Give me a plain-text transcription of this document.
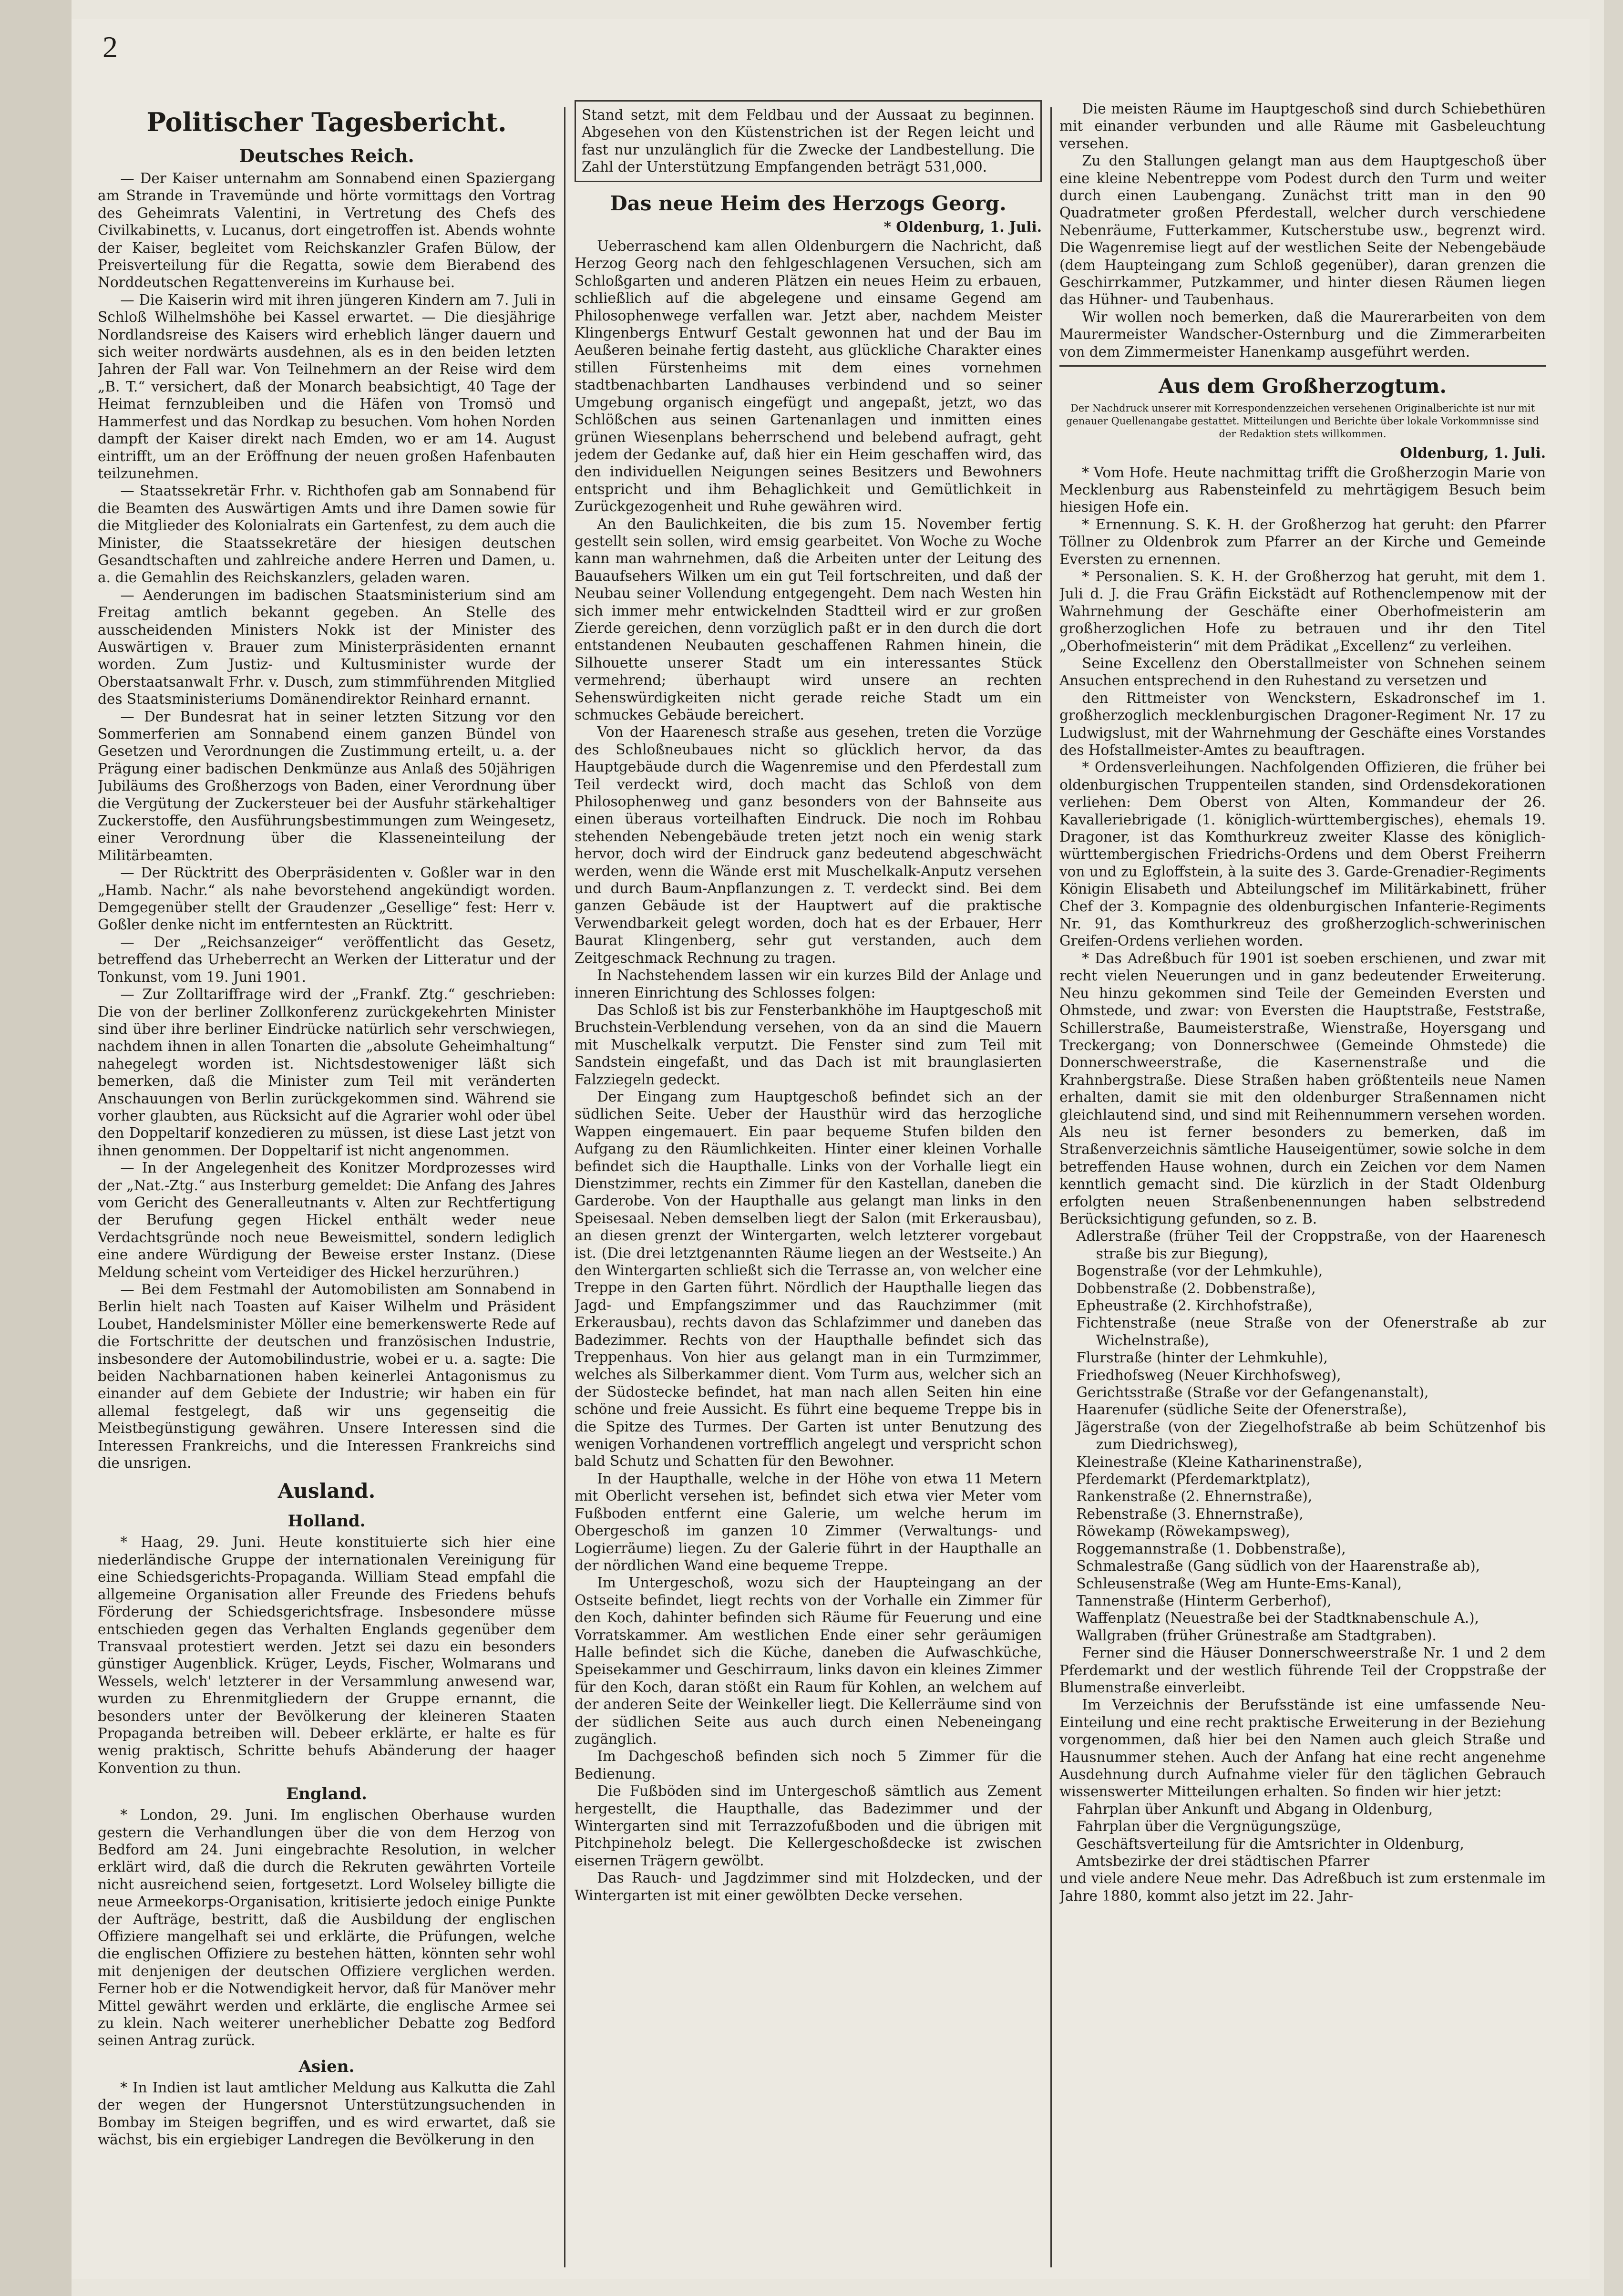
2
Politischer Tagesbericht.
Deutsches Reich.

— Der Kaiser unternahm am Sonnabend einen Spaziergang am Strande in Travemünde und hörte vormittags den Vortrag des Geheimrats Valentini, in Vertretung des Chefs des Civilkabinetts, v. Lucanus, dort eingetroffen ist. Abends wohnte der Kaiser, begleitet vom Reichskanzler Grafen Bülow, der Preisverteilung für die Regatta, sowie dem Bierabend des Norddeutschen Regattenvereins im Kurhause bei.

— Die Kaiserin wird mit ihren jüngeren Kindern am 7. Juli in Schloß Wilhelmshöhe bei Kassel erwartet. — Die diesjährige Nordlandsreise des Kaisers wird erheblich länger dauern und sich weiter nordwärts ausdehnen, als es in den beiden letzten Jahren der Fall war. Von Teilnehmern an der Reise wird dem „B. T.“ versichert, daß der Monarch beabsichtigt, 40 Tage der Heimat fernzubleiben und die Häfen von Tromsö und Hammerfest und das Nordkap zu besuchen. Vom hohen Norden dampft der Kaiser direkt nach Emden, wo er am 14. August eintrifft, um an der Eröffnung der neuen großen Hafenbauten teilzunehmen.

— Staatssekretär Frhr. v. Richthofen gab am Sonnabend für die Beamten des Auswärtigen Amts und ihre Damen sowie für die Mitglieder des Kolonialrats ein Gartenfest, zu dem auch die Minister, die Staatssekretäre der hiesigen deutschen Gesandtschaften und zahlreiche andere Herren und Damen, u. a. die Gemahlin des Reichskanzlers, geladen waren.

— Aenderungen im badischen Staatsministerium sind am Freitag amtlich bekannt gegeben. An Stelle des ausscheidenden Ministers Nokk ist der Minister des Auswärtigen v. Brauer zum Ministerpräsidenten ernannt worden. Zum Justiz- und Kultusminister wurde der Oberstaatsanwalt Frhr. v. Dusch, zum stimmführenden Mitglied des Staatsministeriums Domänendirektor Reinhard ernannt.

— Der Bundesrat hat in seiner letzten Sitzung vor den Sommerferien am Sonnabend einem ganzen Bündel von Gesetzen und Verordnungen die Zustimmung erteilt, u. a. der Prägung einer badischen Denkmünze aus Anlaß des 50jährigen Jubiläums des Großherzogs von Baden, einer Verordnung über die Vergütung der Zuckersteuer bei der Ausfuhr stärkehaltiger Zuckerstoffe, den Ausführungsbestimmungen zum Weingesetz, einer Verordnung über die Klasseneinteilung der Militärbeamten.

— Der Rücktritt des Oberpräsidenten v. Goßler war in den „Hamb. Nachr.“ als nahe bevorstehend angekündigt worden. Demgegenüber stellt der Graudenzer „Gesellige“ fest: Herr v. Goßler denke nicht im entferntesten an Rücktritt.

— Der „Reichsanzeiger“ veröffentlicht das Gesetz, betreffend das Urheberrecht an Werken der Litteratur und der Tonkunst, vom 19. Juni 1901.

— Zur Zolltariffrage wird der „Frankf. Ztg.“ geschrieben: Die von der berliner Zollkonferenz zurückgekehrten Minister sind über ihre berliner Eindrücke natürlich sehr verschwiegen, nachdem ihnen in allen Tonarten die „absolute Geheimhaltung“ nahegelegt worden ist. Nichtsdestoweniger läßt sich bemerken, daß die Minister zum Teil mit veränderten Anschauungen von Berlin zurückgekommen sind. Während sie vorher glaubten, aus Rücksicht auf die Agrarier wohl oder übel den Doppeltarif konzedieren zu müssen, ist diese Last jetzt von ihnen genommen. Der Doppeltarif ist nicht angenommen.

— In der Angelegenheit des Konitzer Mordprozesses wird der „Nat.-Ztg.“ aus Insterburg gemeldet: Die Anfang des Jahres vom Gericht des Generalleutnants v. Alten zur Rechtfertigung der Berufung gegen Hickel enthält weder neue Verdachtsgründe noch neue Beweismittel, sondern lediglich eine andere Würdigung der Beweise erster Instanz. (Diese Meldung scheint vom Verteidiger des Hickel herzurühren.)

— Bei dem Festmahl der Automobilisten am Sonnabend in Berlin hielt nach Toasten auf Kaiser Wilhelm und Präsident Loubet, Handelsminister Möller eine bemerkenswerte Rede auf die Fortschritte der deutschen und französischen Industrie, insbesondere der Automobilindustrie, wobei er u. a. sagte: Die beiden Nachbarnationen haben keinerlei Antagonismus zu einander auf dem Gebiete der Industrie; wir haben ein für allemal festgelegt, daß wir uns gegenseitig die Meistbegünstigung gewähren. Unsere Interessen sind die Interessen Frankreichs, und die Interessen Frankreichs sind die unsrigen.

Ausland.
Holland.

* Haag, 29. Juni. Heute konstituierte sich hier eine niederländische Gruppe der internationalen Vereinigung für eine Schiedsgerichts-Propaganda. William Stead empfahl die allgemeine Organisation aller Freunde des Friedens behufs Förderung der Schiedsgerichtsfrage. Insbesondere müsse entschieden gegen das Verhalten Englands gegenüber dem Transvaal protestiert werden. Jetzt sei dazu ein besonders günstiger Augenblick. Krüger, Leyds, Fischer, Wolmarans und Wessels, welch' letzterer in der Versammlung anwesend war, wurden zu Ehrenmitgliedern der Gruppe ernannt, die besonders unter der Bevölkerung der kleineren Staaten Propaganda betreiben will. Debeer erklärte, er halte es für wenig praktisch, Schritte behufs Abänderung der haager Konvention zu thun.

England.

* London, 29. Juni. Im englischen Oberhause wurden gestern die Verhandlungen über die von dem Herzog von Bedford am 24. Juni eingebrachte Resolution, in welcher erklärt wird, daß die durch die Rekruten gewährten Vorteile nicht ausreichend seien, fortgesetzt. Lord Wolseley billigte die neue Armeekorps-Organisation, kritisierte jedoch einige Punkte der Aufträge, bestritt, daß die Ausbildung der englischen Offiziere mangelhaft sei und erklärte, die Prüfungen, welche die englischen Offiziere zu bestehen hätten, könnten sehr wohl mit denjenigen der deutschen Offiziere verglichen werden. Ferner hob er die Notwendigkeit hervor, daß für Manöver mehr Mittel gewährt werden und erklärte, die englische Armee sei zu klein. Nach weiterer unerheblicher Debatte zog Bedford seinen Antrag zurück.

Asien.

* In Indien ist laut amtlicher Meldung aus Kalkutta die Zahl der wegen der Hungersnot Unterstützungsuchenden in Bombay im Steigen begriffen, und es wird erwartet, daß sie wächst, bis ein ergiebiger Landregen die Bevölkerung in den

Stand setzt, mit dem Feldbau und der Aussaat zu beginnen. Abgesehen von den Küstenstrichen ist der Regen leicht und fast nur unzulänglich für die Zwecke der Landbestellung. Die Zahl der Unterstützung Empfangenden beträgt 531,000.

Das neue Heim des Herzogs Georg.
* Oldenburg, 1. Juli.

Ueberraschend kam allen Oldenburgern die Nachricht, daß Herzog Georg nach den fehlgeschlagenen Versuchen, sich am Schloßgarten und anderen Plätzen ein neues Heim zu erbauen, schließlich auf die abgelegene und einsame Gegend am Philosophenwege verfallen war. Jetzt aber, nachdem Meister Klingenbergs Entwurf Gestalt gewonnen hat und der Bau im Aeußeren beinahe fertig dasteht, aus glückliche Charakter eines stillen Fürstenheims mit dem eines vornehmen stadtbenachbarten Landhauses verbindend und so seiner Umgebung organisch eingefügt und angepaßt, jetzt, wo das Schlößchen aus seinen Gartenanlagen und inmitten eines grünen Wiesenplans beherrschend und belebend aufragt, geht jedem der Gedanke auf, daß hier ein Heim geschaffen wird, das den individuellen Neigungen seines Besitzers und Bewohners entspricht und ihm Behaglichkeit und Gemütlichkeit in Zurückgezogenheit und Ruhe gewähren wird.

An den Baulichkeiten, die bis zum 15. November fertig gestellt sein sollen, wird emsig gearbeitet. Von Woche zu Woche kann man wahrnehmen, daß die Arbeiten unter der Leitung des Bauaufsehers Wilken um ein gut Teil fortschreiten, und daß der Neubau seiner Vollendung entgegengeht. Dem nach Westen hin sich immer mehr entwickelnden Stadtteil wird er zur großen Zierde gereichen, denn vorzüglich paßt er in den durch die dort entstandenen Neubauten geschaffenen Rahmen hinein, die Silhouette unserer Stadt um ein interessantes Stück vermehrend; überhaupt wird unsere an rechten Sehenswürdigkeiten nicht gerade reiche Stadt um ein schmuckes Gebäude bereichert.

Von der Haarenesch straße aus gesehen, treten die Vorzüge des Schloßneubaues nicht so glücklich hervor, da das Hauptgebäude durch die Wagenremise und den Pferdestall zum Teil verdeckt wird, doch macht das Schloß von dem Philosophenweg und ganz besonders von der Bahnseite aus einen überaus vorteilhaften Eindruck. Die noch im Rohbau stehenden Nebengebäude treten jetzt noch ein wenig stark hervor, doch wird der Eindruck ganz bedeutend abgeschwächt werden, wenn die Wände erst mit Muschelkalk-Anputz versehen und durch Baum-Anpflanzungen z. T. verdeckt sind. Bei dem ganzen Gebäude ist der Hauptwert auf die praktische Verwendbarkeit gelegt worden, doch hat es der Erbauer, Herr Baurat Klingenberg, sehr gut verstanden, auch dem Zeitgeschmack Rechnung zu tragen.

In Nachstehendem lassen wir ein kurzes Bild der Anlage und inneren Einrichtung des Schlosses folgen:

Das Schloß ist bis zur Fensterbankhöhe im Hauptgeschoß mit Bruchstein-Verblendung versehen, von da an sind die Mauern mit Muschelkalk verputzt. Die Fenster sind zum Teil mit Sandstein eingefaßt, und das Dach ist mit braunglasierten Falzziegeln gedeckt.

Der Eingang zum Hauptgeschoß befindet sich an der südlichen Seite. Ueber der Hausthür wird das herzogliche Wappen eingemauert. Ein paar bequeme Stufen bilden den Aufgang zu den Räumlichkeiten. Hinter einer kleinen Vorhalle befindet sich die Haupthalle. Links von der Vorhalle liegt ein Dienstzimmer, rechts ein Zimmer für den Kastellan, daneben die Garderobe. Von der Haupthalle aus gelangt man links in den Speisesaal. Neben demselben liegt der Salon (mit Erkerausbau), an diesen grenzt der Wintergarten, welch letzterer vorgebaut ist. (Die drei letztgenannten Räume liegen an der Westseite.) An den Wintergarten schließt sich die Terrasse an, von welcher eine Treppe in den Garten führt. Nördlich der Haupthalle liegen das Jagd- und Empfangszimmer und das Rauchzimmer (mit Erkerausbau), rechts davon das Schlafzimmer und daneben das Badezimmer. Rechts von der Haupthalle befindet sich das Treppenhaus. Von hier aus gelangt man in ein Turmzimmer, welches als Silberkammer dient. Vom Turm aus, welcher sich an der Südostecke befindet, hat man nach allen Seiten hin eine schöne und freie Aussicht. Es führt eine bequeme Treppe bis in die Spitze des Turmes. Der Garten ist unter Benutzung des wenigen Vorhandenen vortrefflich angelegt und verspricht schon bald Schutz und Schatten für den Bewohner.

In der Haupthalle, welche in der Höhe von etwa 11 Metern mit Oberlicht versehen ist, befindet sich etwa vier Meter vom Fußboden entfernt eine Galerie, um welche herum im Obergeschoß im ganzen 10 Zimmer (Verwaltungs- und Logierräume) liegen. Zu der Galerie führt in der Haupthalle an der nördlichen Wand eine bequeme Treppe.

Im Untergeschoß, wozu sich der Haupteingang an der Ostseite befindet, liegt rechts von der Vorhalle ein Zimmer für den Koch, dahinter befinden sich Räume für Feuerung und eine Vorratskammer. Am westlichen Ende einer sehr geräumigen Halle befindet sich die Küche, daneben die Aufwaschküche, Speisekammer und Geschirraum, links davon ein kleines Zimmer für den Koch, daran stößt ein Raum für Kohlen, an welchem auf der anderen Seite der Weinkeller liegt. Die Kellerräume sind von der südlichen Seite aus auch durch einen Nebeneingang zugänglich.

Im Dachgeschoß befinden sich noch 5 Zimmer für die Bedienung.

Die Fußböden sind im Untergeschoß sämtlich aus Zement hergestellt, die Haupthalle, das Badezimmer und der Wintergarten sind mit Terrazzofußboden und die übrigen mit Pitchpineholz belegt. Die Kellergeschoßdecke ist zwischen eisernen Trägern gewölbt.

Das Rauch- und Jagdzimmer sind mit Holzdecken, und der Wintergarten ist mit einer gewölbten Decke versehen.

Die meisten Räume im Hauptgeschoß sind durch Schiebethüren mit einander verbunden und alle Räume mit Gasbeleuchtung versehen.

Zu den Stallungen gelangt man aus dem Hauptgeschoß über eine kleine Nebentreppe vom Podest durch den Turm und weiter durch einen Laubengang. Zunächst tritt man in den 90 Quadratmeter großen Pferdestall, welcher durch verschiedene Nebenräume, Futterkammer, Kutscherstube usw., begrenzt wird. Die Wagenremise liegt auf der westlichen Seite der Nebengebäude (dem Haupteingang zum Schloß gegenüber), daran grenzen die Geschirrkammer, Putzkammer, und hinter diesen Räumen liegen das Hühner- und Taubenhaus.

Wir wollen noch bemerken, daß die Maurerarbeiten von dem Maurermeister Wandscher-Osternburg und die Zimmerarbeiten von dem Zimmermeister Hanenkamp ausgeführt werden.

Aus dem Großherzogtum.
Der Nachdruck unserer mit Korrespondenzzeichen versehenen Originalberichte ist nur mit genauer Quellenangabe gestattet. Mitteilungen und Berichte über lokale Vorkommnisse sind der Redaktion stets willkommen.
Oldenburg, 1. Juli.

* Vom Hofe. Heute nachmittag trifft die Großherzogin Marie von Mecklenburg aus Rabensteinfeld zu mehrtägigem Besuch beim hiesigen Hofe ein.

* Ernennung. S. K. H. der Großherzog hat geruht: den Pfarrer Töllner zu Oldenbrok zum Pfarrer an der Kirche und Gemeinde Eversten zu ernennen.

* Personalien. S. K. H. der Großherzog hat geruht, mit dem 1. Juli d. J. die Frau Gräfin Eickstädt auf Rothenclempenow mit der Wahrnehmung der Geschäfte einer Oberhofmeisterin am großherzoglichen Hofe zu betrauen und ihr den Titel „Oberhofmeisterin“ mit dem Prädikat „Excellenz“ zu verleihen.

Seine Excellenz den Oberstallmeister von Schnehen seinem Ansuchen entsprechend in den Ruhestand zu versetzen und

den Rittmeister von Wenckstern, Eskadronschef im 1. großherzoglich mecklenburgischen Dragoner-Regiment Nr. 17 zu Ludwigslust, mit der Wahrnehmung der Geschäfte eines Vorstandes des Hofstallmeister-Amtes zu beauftragen.

* Ordensverleihungen. Nachfolgenden Offizieren, die früher bei oldenburgischen Truppenteilen standen, sind Ordensdekorationen verliehen: Dem Oberst von Alten, Kommandeur der 26. Kavalleriebrigade (1. königlich-württembergisches), ehemals 19. Dragoner, ist das Komthurkreuz zweiter Klasse des königlich-württembergischen Friedrichs-Ordens und dem Oberst Freiherrn von und zu Egloffstein, à la suite des 3. Garde-Grenadier-Regiments Königin Elisabeth und Abteilungschef im Militärkabinett, früher Chef der 3. Kompagnie des oldenburgischen Infanterie-Regiments Nr. 91, das Komthurkreuz des großherzoglich-schwerinischen Greifen-Ordens verliehen worden.

* Das Adreßbuch für 1901 ist soeben erschienen, und zwar mit recht vielen Neuerungen und in ganz bedeutender Erweiterung. Neu hinzu gekommen sind Teile der Gemeinden Eversten und Ohmstede, und zwar: von Eversten die Hauptstraße, Feststraße, Schillerstraße, Baumeisterstraße, Wienstraße, Hoyersgang und Treckergang; von Donnerschwee (Gemeinde Ohmstede) die Donnerschweerstraße, die Kasernenstraße und die Krahnbergstraße. Diese Straßen haben größtenteils neue Namen erhalten, damit sie mit den oldenburger Straßennamen nicht gleichlautend sind, und sind mit Reihennummern versehen worden. Als neu ist ferner besonders zu bemerken, daß im Straßenverzeichnis sämtliche Hauseigentümer, sowie solche in dem betreffenden Hause wohnen, durch ein Zeichen vor dem Namen kenntlich gemacht sind. Die kürzlich in der Stadt Oldenburg erfolgten neuen Straßenbenennungen haben selbstredend Berücksichtigung gefunden, so z. B.

Adlerstraße (früher Teil der Croppstraße, von der Haarenesch straße bis zur Biegung),
Bogenstraße (vor der Lehmkuhle),
Dobbenstraße (2. Dobbenstraße),
Epheustraße (2. Kirchhofstraße),
Fichtenstraße (neue Straße von der Ofenerstraße ab zur Wichelnstraße),
Flurstraße (hinter der Lehmkuhle),
Friedhofsweg (Neuer Kirchhofsweg),
Gerichtsstraße (Straße vor der Gefangenanstalt),
Haarenufer (südliche Seite der Ofenerstraße),
Jägerstraße (von der Ziegelhofstraße ab beim Schützenhof bis zum Diedrichsweg),
Kleinestraße (Kleine Katharinenstraße),
Pferdemarkt (Pferdemarktplatz),
Rankenstraße (2. Ehnernstraße),
Rebenstraße (3. Ehnernstraße),
Röwekamp (Röwekampsweg),
Roggemannstraße (1. Dobbenstraße),
Schmalestraße (Gang südlich von der Haarenstraße ab),
Schleusenstraße (Weg am Hunte-Ems-Kanal),
Tannenstraße (Hinterm Gerberhof),
Waffenplatz (Neuestraße bei der Stadtknabenschule A.),
Wallgraben (früher Grünestraße am Stadtgraben).

Ferner sind die Häuser Donnerschweerstraße Nr. 1 und 2 dem Pferdemarkt und der westlich führende Teil der Croppstraße der Blumenstraße einverleibt.

Im Verzeichnis der Berufsstände ist eine umfassende Neu-Einteilung und eine recht praktische Erweiterung in der Beziehung vorgenommen, daß hier bei den Namen auch gleich Straße und Hausnummer stehen. Auch der Anfang hat eine recht angenehme Ausdehnung durch Aufnahme vieler für den täglichen Gebrauch wissenswerter Mitteilungen erhalten. So finden wir hier jetzt:

Fahrplan über Ankunft und Abgang in Oldenburg,
Fahrplan über die Vergnügungszüge,
Geschäftsverteilung für die Amtsrichter in Oldenburg,
Amtsbezirke der drei städtischen Pfarrer

und viele andere Neue mehr. Das Adreßbuch ist zum erstenmale im Jahre 1880, kommt also jetzt im 22. Jahr-
